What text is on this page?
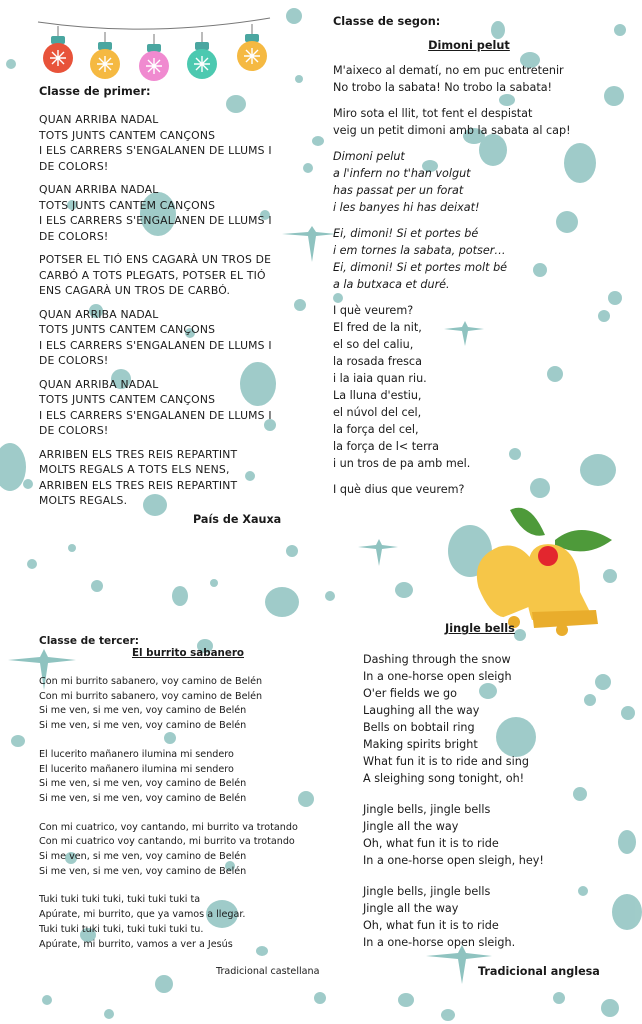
Classe de primer:
QUAN ARRIBA NADAL
TOTS JUNTS CANTEM CANÇONS
I ELS CARRERS S'ENGALANEN DE LLUMS I
DE COLORS!
QUAN ARRIBA NADAL
TOTS JUNTS CANTEM CANÇONS
I ELS CARRERS S'ENGALANEN DE LLUMS I
DE COLORS!
POTSER EL TIÓ ENS CAGARÀ UN TROS DE
CARBÓ A TOTS PLEGATS, POTSER EL TIÓ
ENS CAGARÀ UN TROS DE CARBÓ.
QUAN ARRIBA NADAL
TOTS JUNTS CANTEM CANÇONS
I ELS CARRERS S'ENGALANEN DE LLUMS I
DE COLORS!
QUAN ARRIBA NADAL
TOTS JUNTS CANTEM CANÇONS
I ELS CARRERS S'ENGALANEN DE LLUMS I
DE COLORS!
ARRIBEN ELS TRES REIS REPARTINT
MOLTS REGALS A TOTS ELS NENS,
ARRIBEN ELS TRES REIS REPARTINT
MOLTS REGALS.
País de Xauxa
Classe de segon:
Dimoni pelut
M'aixeco al dematí, no em puc entretenir
No trobo la sabata! No trobo la sabata!
Miro sota el llit, tot fent el despistat
veig un petit dimoni amb la sabata al cap!
Dimoni pelut
a l'infern no t'han volgut
has passat per un forat
i les banyes hi has deixat!
Ei, dimoni! Si et portes bé
i em tornes la sabata, potser…
Ei, dimoni! Si et portes molt bé
a la butxaca et duré.
I què veurem?
El fred de la nit,
el so del caliu,
la rosada fresca
i la iaia quan riu.
La lluna d'estiu,
el núvol del cel,
la força del cel,
la força de l< terra
i un tros de pa amb mel.
I què dius que veurem?
Classe de tercer:
El burrito sabanero
Con mi burrito sabanero, voy camino de Belén
Con mi burrito sabanero, voy camino de Belén
Si me ven, si me ven, voy camino de Belén
Si me ven, si me ven, voy camino de Belén
El lucerito mañanero ilumina mi sendero
El lucerito mañanero ilumina mi sendero
Si me ven, si me ven, voy camino de Belén
Si me ven, si me ven, voy camino de Belén
Con mi cuatrico, voy cantando, mi burrito va trotando
Con mi cuatrico voy cantando, mi burrito va trotando
Si me ven, si me ven, voy camino de Belén
Si me ven, si me ven, voy camino de Belén
Tuki tuki tuki tuki, tuki tuki tuki ta
Apúrate, mi burrito, que ya vamos a llegar.
Tuki tuki tuki tuki, tuki tuki tuki tu.
Apúrate, mi burrito, vamos a ver a Jesús
Tradicional castellana
Jingle bells
Dashing through the snow
In a one-horse open sleigh
O'er fields we go
Laughing all the way
Bells on bobtail ring
Making spirits bright
What fun it is to ride and sing
A sleighing song tonight, oh!
Jingle bells, jingle bells
Jingle all the way
Oh, what fun it is to ride
In a one-horse open sleigh, hey!
Jingle bells, jingle bells
Jingle all the way
Oh, what fun it is to ride
In a one-horse open sleigh.
Tradicional anglesa
